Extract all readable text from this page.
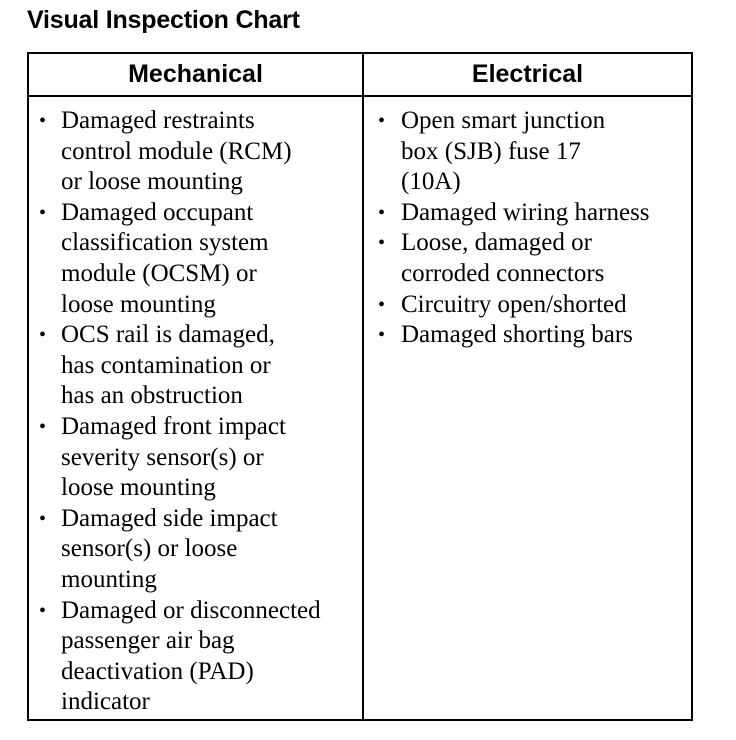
Visual Inspection Chart
Mechanical
• Damaged restraints control module (RCM) or loose mounting
• Damaged occupant classification system module (OCSM) or loose mounting
• OCS rail is damaged, has contamination or has an obstruction
• Damaged front impact severity sensor(s) or loose mounting
• Damaged side impact sensor(s) or loose mounting
• Damaged or disconnected passenger air bag deactivation (PAD) indicator
Electrical
• Open smart junction box (SJB) fuse 17 (10A)
• Damaged wiring harness
• Loose, damaged or corroded connectors
• Circuitry open/shorted
• Damaged shorting bars
